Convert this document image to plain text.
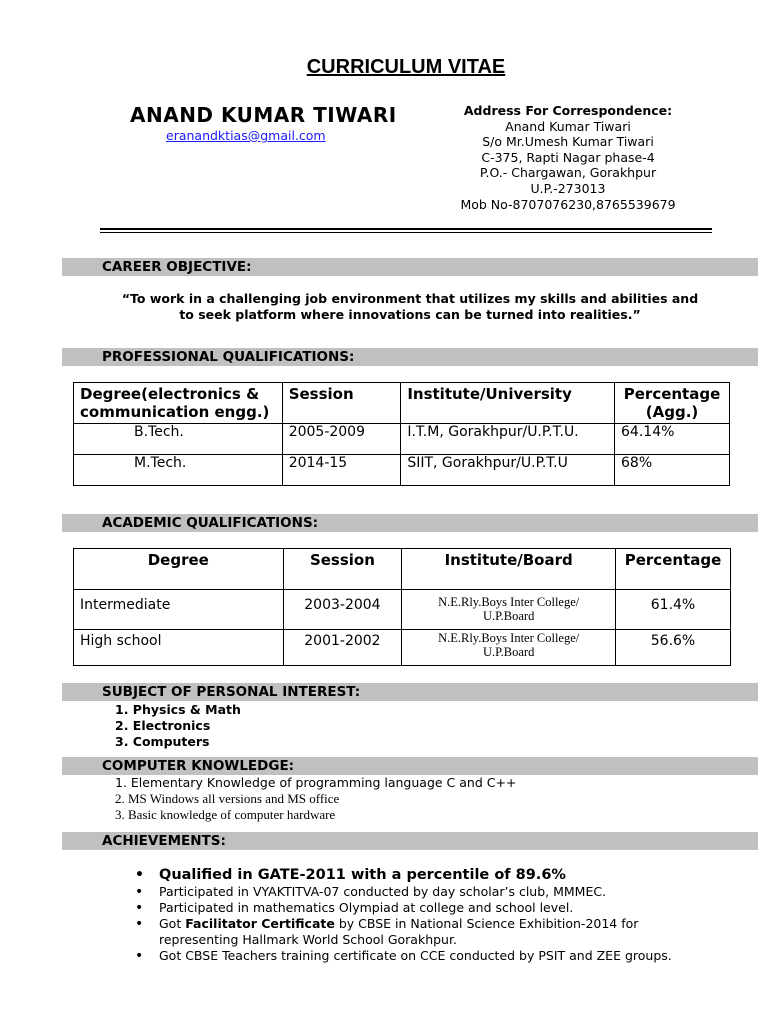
CURRICULUM VITAE
ANAND KUMAR TIWARI
eranandktias@gmail.com
Address For Correspondence:
Anand Kumar Tiwari
S/o Mr.Umesh Kumar Tiwari
C-375, Rapti Nagar phase-4
P.O.- Chargawan, Gorakhpur
U.P.-273013
Mob No-8707076230,8765539679
CAREER OBJECTIVE:
“To work in a challenging job environment that utilizes my skills and abilities and
to seek platform where innovations can be turned into realities.”
PROFESSIONAL QUALIFICATIONS:
Degree(electronics & communication engg.)	Session	Institute/University	Percentage (Agg.)
B.Tech.	2005-2009	I.T.M, Gorakhpur/U.P.T.U.	64.14%
M.Tech.	2014-15	SIIT, Gorakhpur/U.P.T.U	68%
ACADEMIC QUALIFICATIONS:
Degree	Session	Institute/Board	Percentage
Intermediate	2003-2004	N.E.Rly.Boys Inter College/
U.P.Board	61.4%
High school	2001-2002	N.E.Rly.Boys Inter College/
U.P.Board	56.6%
SUBJECT OF PERSONAL INTEREST:
1. Physics & Math
2. Electronics
3. Computers
COMPUTER KNOWLEDGE:
1. Elementary Knowledge of programming language C and C++
2. MS Windows all versions and MS office
3. Basic knowledge of computer hardware
ACHIEVEMENTS:
• Qualified in GATE-2011 with a percentile of 89.6%
• Participated in VYAKTITVA-07 conducted by day scholar’s club, MMMEC.
• Participated in mathematics Olympiad at college and school level.
• Got Facilitator Certificate by CBSE in National Science Exhibition-2014 for
representing Hallmark World School Gorakhpur.
• Got CBSE Teachers training certificate on CCE conducted by PSIT and ZEE groups.
